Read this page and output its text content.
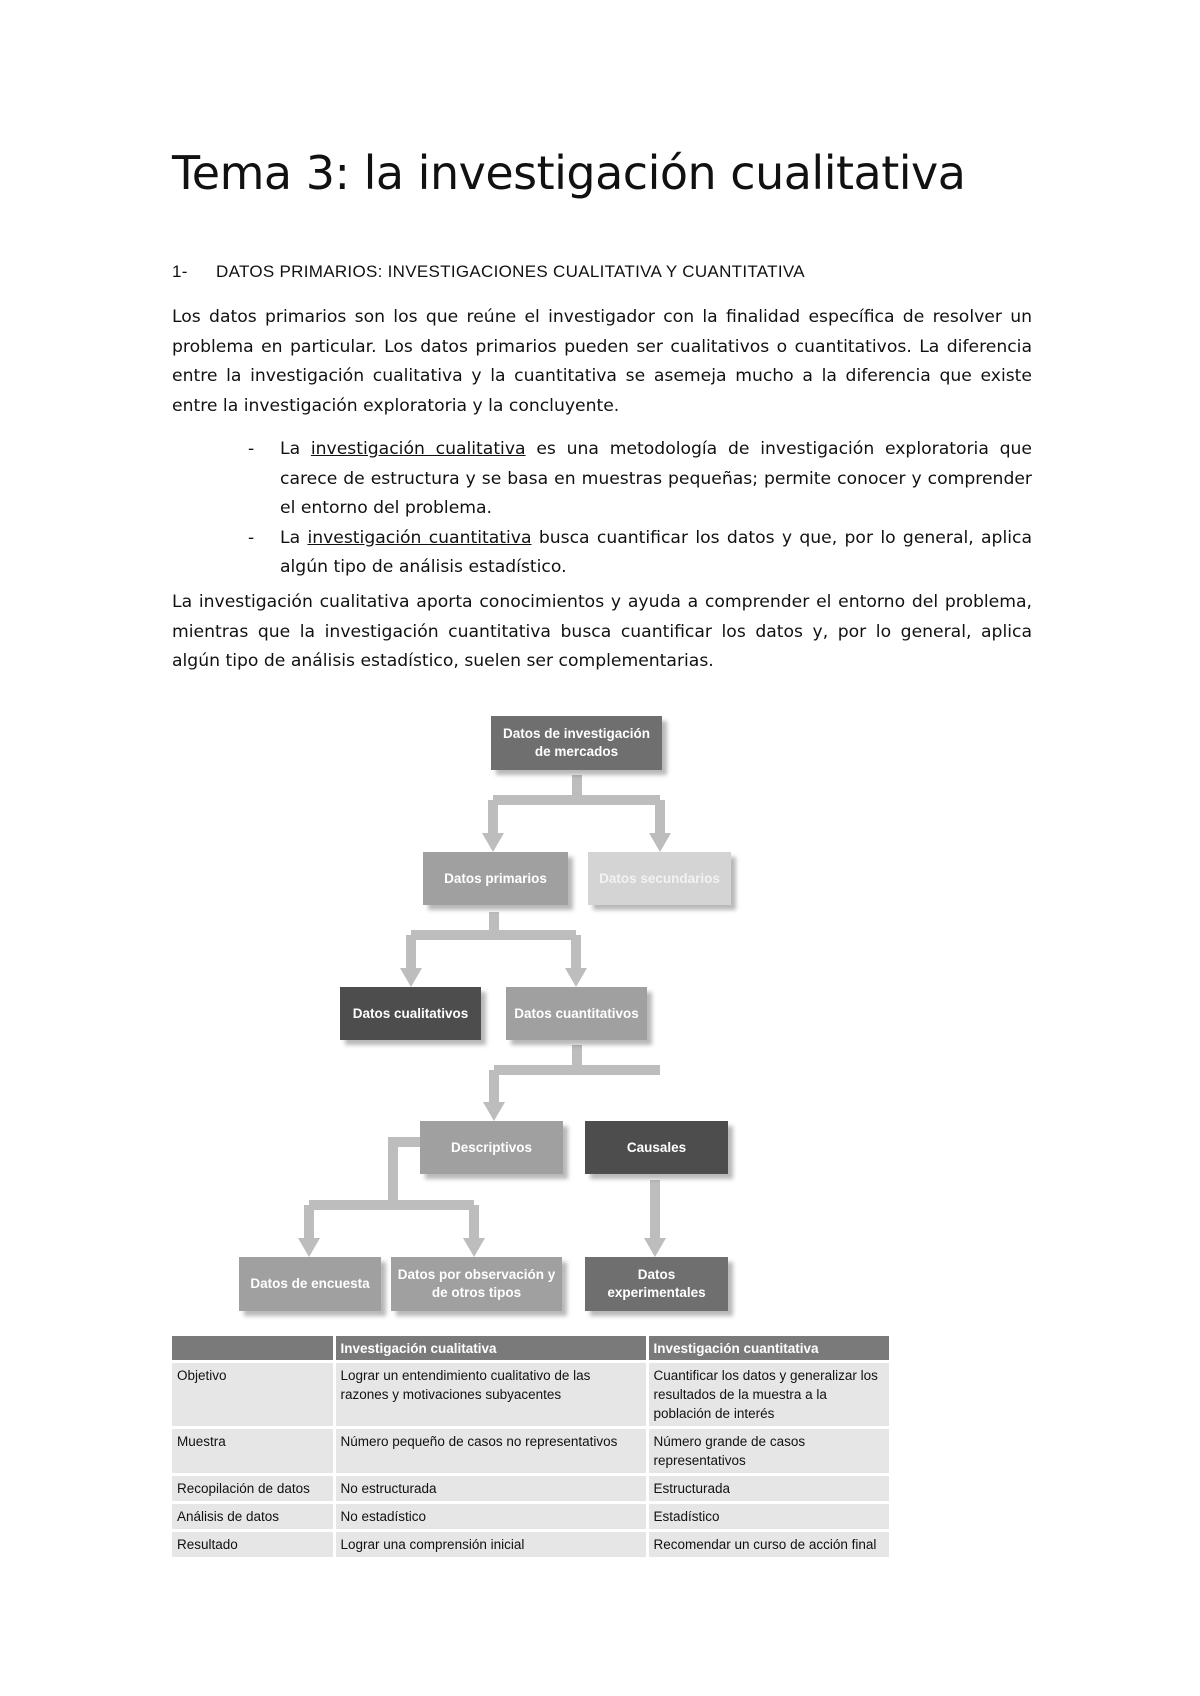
Tema 3: la investigación cualitativa
1- DATOS PRIMARIOS: INVESTIGACIONES CUALITATIVA Y CUANTITATIVA

Los datos primarios son los que reúne el investigador con la finalidad específica de resolver un problema en particular. Los datos primarios pueden ser cualitativos o cuantitativos. La diferencia entre la investigación cualitativa y la cuantitativa se asemeja mucho a la diferencia que existe entre la investigación exploratoria y la concluyente.

- La investigación cualitativa es una metodología de investigación exploratoria que carece de estructura y se basa en muestras pequeñas; permite conocer y comprender el entorno del problema.
- La investigación cuantitativa busca cuantificar los datos y que, por lo general, aplica algún tipo de análisis estadístico.

La investigación cualitativa aporta conocimientos y ayuda a comprender el entorno del problema, mientras que la investigación cuantitativa busca cuantificar los datos y, por lo general, aplica algún tipo de análisis estadístico, suelen ser complementarias.

Datos de investigación de mercados
Datos primarios	Datos secundarios
Datos cualitativos	Datos cuantitativos
Descriptivos	Causales
Datos de encuesta
Datos por observación y de otros tipos
Datos experimentales
	Investigación cualitativa	Investigación cuantitativa
Objetivo	Lograr un entendimiento cualitativo de las razones y motivaciones subyacentes	Cuantificar los datos y generalizar los resultados de la muestra a la población de interés
Muestra	Número pequeño de casos no representativos	Número grande de casos representativos
Recopilación de datos	No estructurada	Estructurada
Análisis de datos	No estadístico	Estadístico
Resultado	Lograr una comprensión inicial	Recomendar un curso de acción final
